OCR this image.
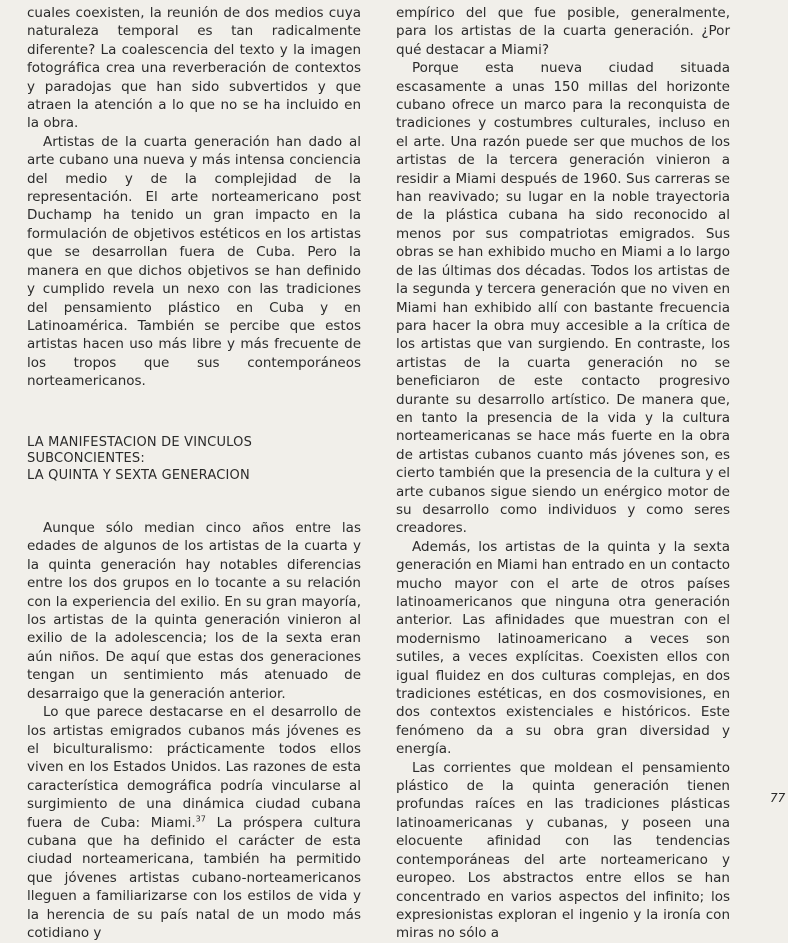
cuales coexisten, la reunión de dos medios cuya naturaleza temporal es tan radicalmente diferente? La coalescencia del texto y la imagen fotográfica crea una reverberación de contextos y paradojas que han sido subvertidos y que atraen la atención a lo que no se ha incluido en la obra.

Artistas de la cuarta generación han dado al arte cubano una nueva y más intensa conciencia del medio y de la complejidad de la representación. El arte norteamericano post Duchamp ha tenido un gran impacto en la formulación de objetivos estéticos en los artistas que se desarrollan fuera de Cuba. Pero la manera en que dichos objetivos se han definido y cumplido revela un nexo con las tradiciones del pensamiento plástico en Cuba y en Latinoamérica. También se percibe que estos artistas hacen uso más libre y más frecuente de los tropos que sus contemporáneos norteamericanos.

LA MANIFESTACION DE VINCULOS
SUBCONCIENTES:
LA QUINTA Y SEXTA GENERACION

Aunque sólo median cinco años entre las edades de algunos de los artistas de la cuarta y la quinta generación hay notables diferencias entre los dos grupos en lo tocante a su relación con la experiencia del exilio. En su gran mayoría, los artistas de la quinta generación vinieron al exilio de la adolescencia; los de la sexta eran aún niños. De aquí que estas dos generaciones tengan un sentimiento más atenuado de desarraigo que la generación anterior.

Lo que parece destacarse en el desarrollo de los artistas emigrados cubanos más jóvenes es el biculturalismo: prácticamente todos ellos viven en los Estados Unidos. Las razones de esta característica demográfica podría vincularse al surgimiento de una dinámica ciudad cubana fuera de Cuba: Miami.$^{37}$ La próspera cultura cubana que ha definido el carácter de esta ciudad norteamericana, también ha permitido que jóvenes artistas cubano-norteamericanos lleguen a familiarizarse con los estilos de vida y la herencia de su país natal de un modo más cotidiano y

empírico del que fue posible, generalmente, para los artistas de la cuarta generación. ¿Por qué destacar a Miami?

Porque esta nueva ciudad situada escasamente a unas 150 millas del horizonte cubano ofrece un marco para la reconquista de tradiciones y costumbres culturales, incluso en el arte. Una razón puede ser que muchos de los artistas de la tercera generación vinieron a residir a Miami después de 1960. Sus carreras se han reavivado; su lugar en la noble trayectoria de la plástica cubana ha sido reconocido al menos por sus compatriotas emigrados. Sus obras se han exhibido mucho en Miami a lo largo de las últimas dos décadas. Todos los artistas de la segunda y tercera generación que no viven en Miami han exhibido allí con bastante frecuencia para hacer la obra muy accesible a la crítica de los artistas que van surgiendo. En contraste, los artistas de la cuarta generación no se beneficiaron de este contacto progresivo durante su desarrollo artístico. De manera que, en tanto la presencia de la vida y la cultura norteamericanas se hace más fuerte en la obra de artistas cubanos cuanto más jóvenes son, es cierto también que la presencia de la cultura y el arte cubanos sigue siendo un enérgico motor de su desarrollo como individuos y como seres creadores.

Además, los artistas de la quinta y la sexta generación en Miami han entrado en un contacto mucho mayor con el arte de otros países latinoamericanos que ninguna otra generación anterior. Las afinidades que muestran con el modernismo latinoamericano a veces son sutiles, a veces explícitas. Coexisten ellos con igual fluidez en dos culturas complejas, en dos tradiciones estéticas, en dos cosmovisiones, en dos contextos existenciales e históricos. Este fenómeno da a su obra gran diversidad y energía.

Las corrientes que moldean el pensamiento plástico de la quinta generación tienen profundas raíces en las tradiciones plásticas latinoamericanas y cubanas, y poseen una elocuente afinidad con las tendencias contemporáneas del arte norteamericano y europeo. Los abstractos entre ellos se han concentrado en varios aspectos del infinito; los expresionistas exploran el ingenio y la ironía con miras no sólo a

77
